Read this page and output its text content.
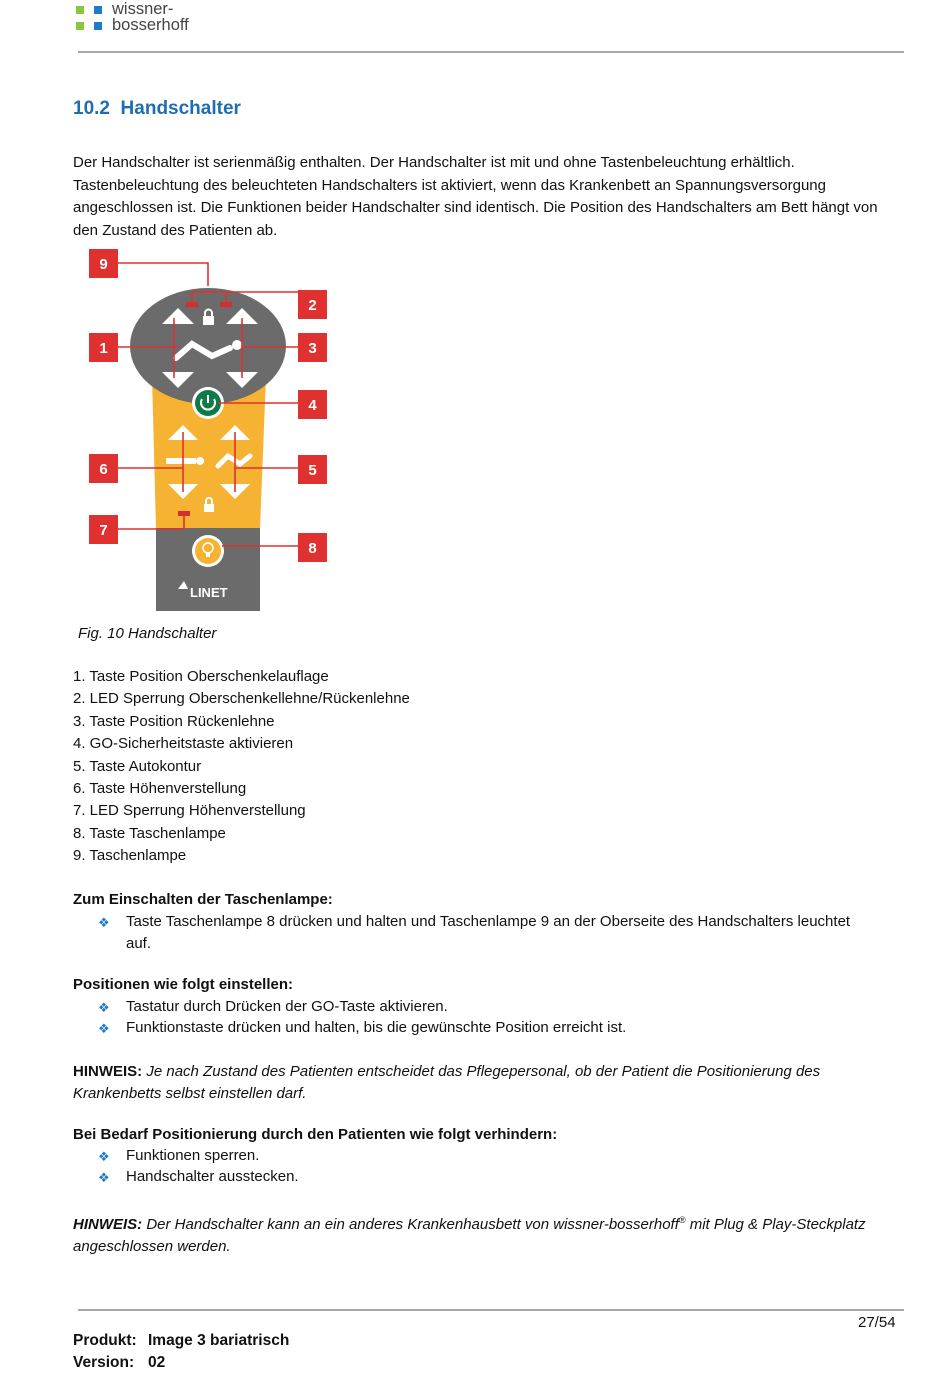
wissner-
bosserhoff
10.2 Handschalter

Der Handschalter ist serienmäßig enthalten. Der Handschalter ist mit und ohne Tastenbeleuchtung erhältlich. Tastenbeleuchtung des beleuchteten Handschalters ist aktiviert, wenn das Krankenbett an Spannungsversorgung angeschlossen ist. Die Funktionen beider Handschalter sind identisch. Die Position des Handschalters am Bett hängt von den Zustand des Patienten ab.

LINET
9
2
1	3
4
6	5
7
8
Fig. 10 Handschalter
1. Taste Position Oberschenkelauflage
2. LED Sperrung Oberschenkellehne/Rückenlehne
3. Taste Position Rückenlehne
4. GO-Sicherheitstaste aktivieren
5. Taste Autokontur
6. Taste Höhenverstellung
7. LED Sperrung Höhenverstellung
8. Taste Taschenlampe
9. Taschenlampe
Zum Einschalten der Taschenlampe:
❖	Taste Taschenlampe 8 drücken und halten und Taschenlampe 9 an der Oberseite des Handschalters leuchtet auf.
Positionen wie folgt einstellen:
❖	Tastatur durch Drücken der GO-Taste aktivieren.
❖	Funktionstaste drücken und halten, bis die gewünschte Position erreicht ist.
HINWEIS: Je nach Zustand des Patienten entscheidet das Pflegepersonal, ob der Patient die Positionierung des Krankenbetts selbst einstellen darf.
Bei Bedarf Positionierung durch den Patienten wie folgt verhindern:
❖	Funktionen sperren.
❖	Handschalter ausstecken.
HINWEIS: Der Handschalter kann an ein anderes Krankenhausbett von wissner-bosserhoff® mit Plug & Play-Steckplatz angeschlossen werden.
27/54
Produkt: Image 3 bariatrisch
Version: 02
